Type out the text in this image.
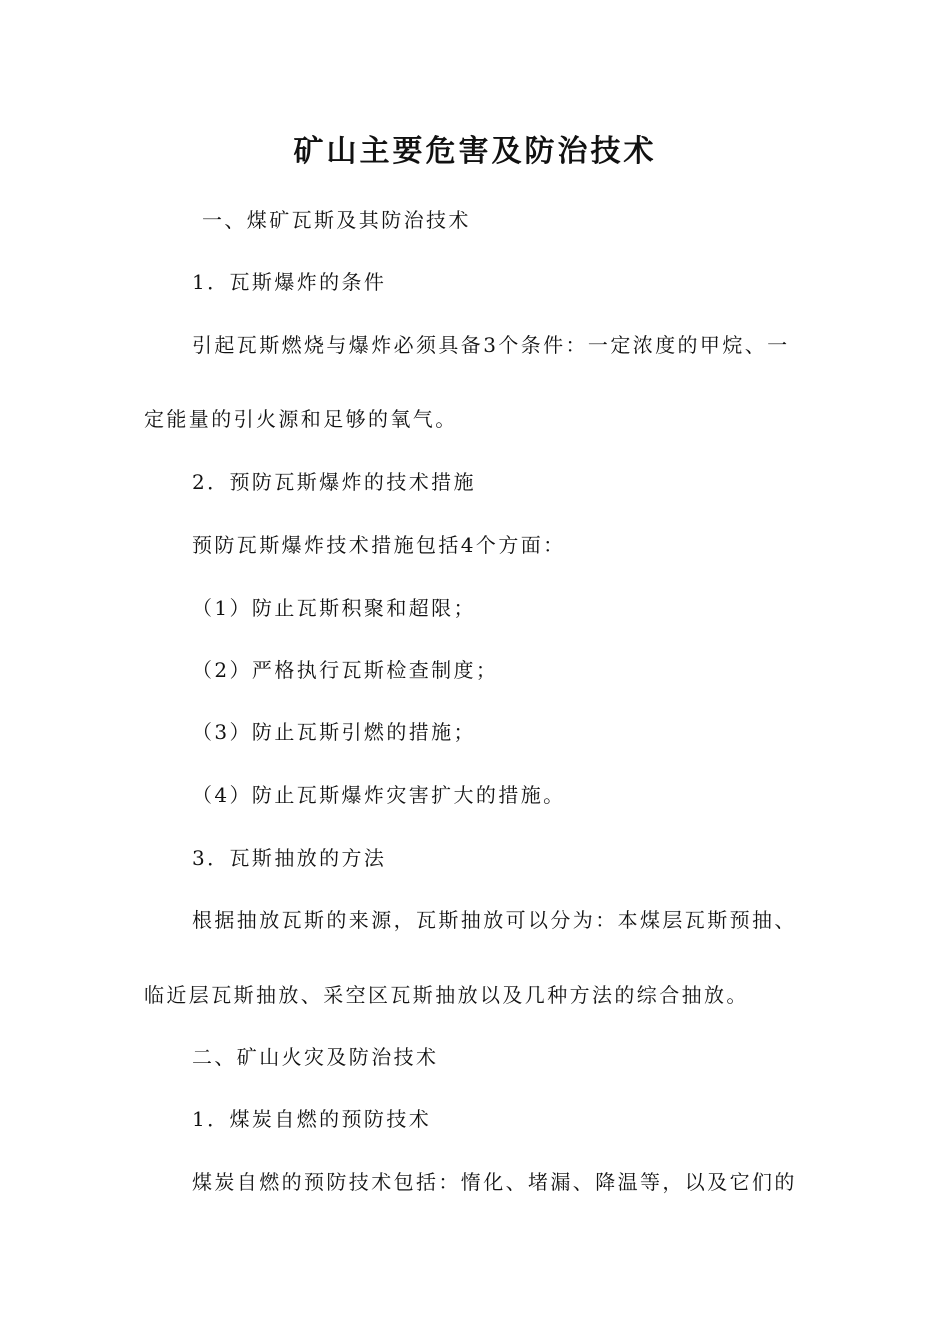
矿山主要危害及防治技术
一、煤矿瓦斯及其防治技术
1．瓦斯爆炸的条件
引起瓦斯燃烧与爆炸必须具备3个条件：一定浓度的甲烷、一
定能量的引火源和足够的氧气。
2．预防瓦斯爆炸的技术措施
预防瓦斯爆炸技术措施包括4个方面：
（1）防止瓦斯积聚和超限；
（2）严格执行瓦斯检查制度；
（3）防止瓦斯引燃的措施；
（4）防止瓦斯爆炸灾害扩大的措施。
3．瓦斯抽放的方法
根据抽放瓦斯的来源，瓦斯抽放可以分为：本煤层瓦斯预抽、
临近层瓦斯抽放、采空区瓦斯抽放以及几种方法的综合抽放。
二、矿山火灾及防治技术
1．煤炭自燃的预防技术
煤炭自燃的预防技术包括：惰化、堵漏、降温等，以及它们的
